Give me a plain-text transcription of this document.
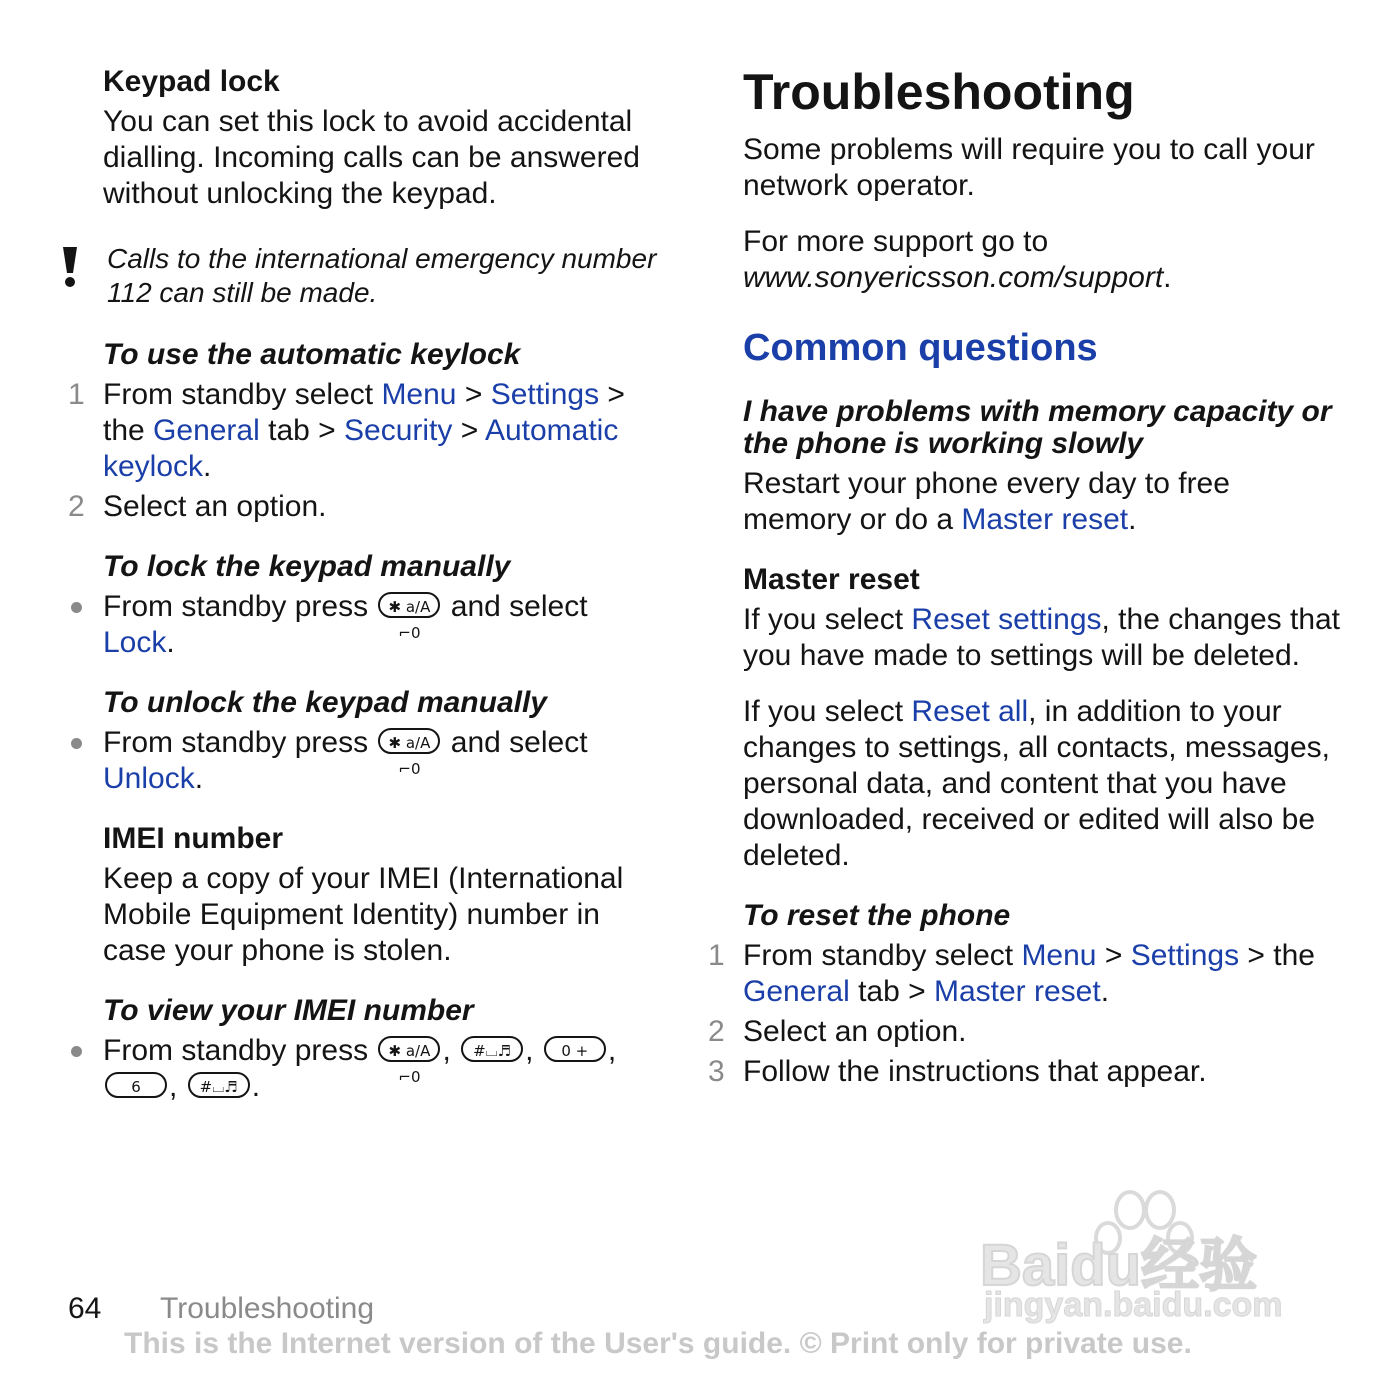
Keypad lock

You can set this lock to avoid accidental dialling. Incoming calls can be answered without unlocking the keypad.

Calls to the international emergency number 112 can still be made.

To use the automatic keylock

1 From standby select Menu > Settings > the General tab > Security > Automatic keylock.

2 Select an option.

To lock the keypad manually

From standby press ✱ a/A ⌐0 and select Lock.

To unlock the keypad manually

From standby press ✱ a/A ⌐0 and select Unlock.

IMEI number

Keep a copy of your IMEI (International Mobile Equipment Identity) number in case your phone is stolen.

To view your IMEI number

From standby press ✱ a/A ⌐0, #⌴♬ , 0 + , 6 , #⌴♬ .

Troubleshooting

Some problems will require you to call your network operator.

For more support go to
www.sonyericsson.com/support.

Common questions

I have problems with memory capacity or the phone is working slowly

Restart your phone every day to free memory or do a Master reset.

Master reset

If you select Reset settings, the changes that you have made to settings will be deleted.

If you select Reset all, in addition to your changes to settings, all contacts, messages, personal data, and content that you have downloaded, received or edited will also be deleted.

To reset the phone

1 From standby select Menu > Settings > the General tab > Master reset.

2 Select an option.

3 Follow the instructions that appear.

Baidu经验
jingyan.baidu.com
64 Troubleshooting
This is the Internet version of the User's guide. © Print only for private use.
